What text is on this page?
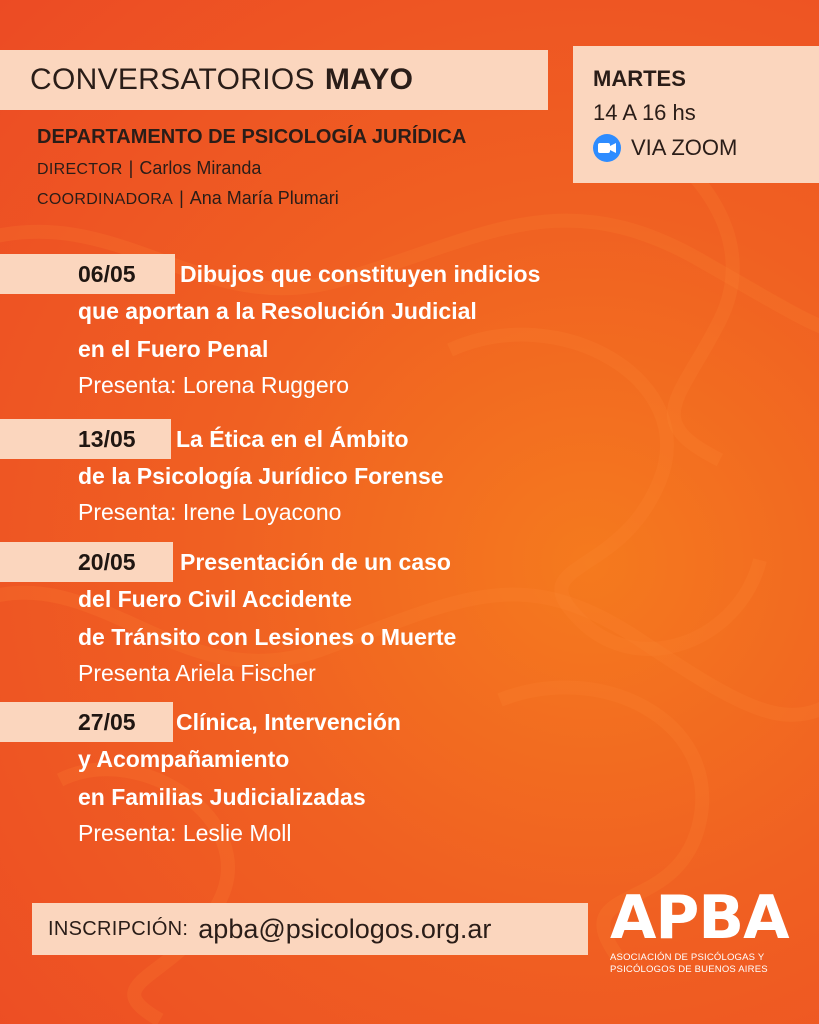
CONVERSATORIOS MAYO	MARTES
14 A 16 hs
VIA ZOOM
DEPARTAMENTO DE PSICOLOGÍA JURÍDICA
DIRECTOR | Carlos Miranda
COORDINADORA | Ana María Plumari
06/05	Dibujos que constituyen indicios
que aportan a la Resolución Judicial
en el Fuero Penal
Presenta: Lorena Ruggero
13/05	La Ética en el Ámbito
de la Psicología Jurídico Forense
Presenta: Irene Loyacono
20/05	Presentación de un caso
del Fuero Civil Accidente
de Tránsito con Lesiones o Muerte
Presenta Ariela Fischer
27/05	Clínica, Intervención
y Acompañamiento
en Familias Judicializadas
Presenta: Leslie Moll
INSCRIPCIÓN: apba@psicologos.org.ar APBA
ASOCIACIÓN DE PSICÓLOGAS Y
PSICÓLOGOS DE BUENOS AIRES
